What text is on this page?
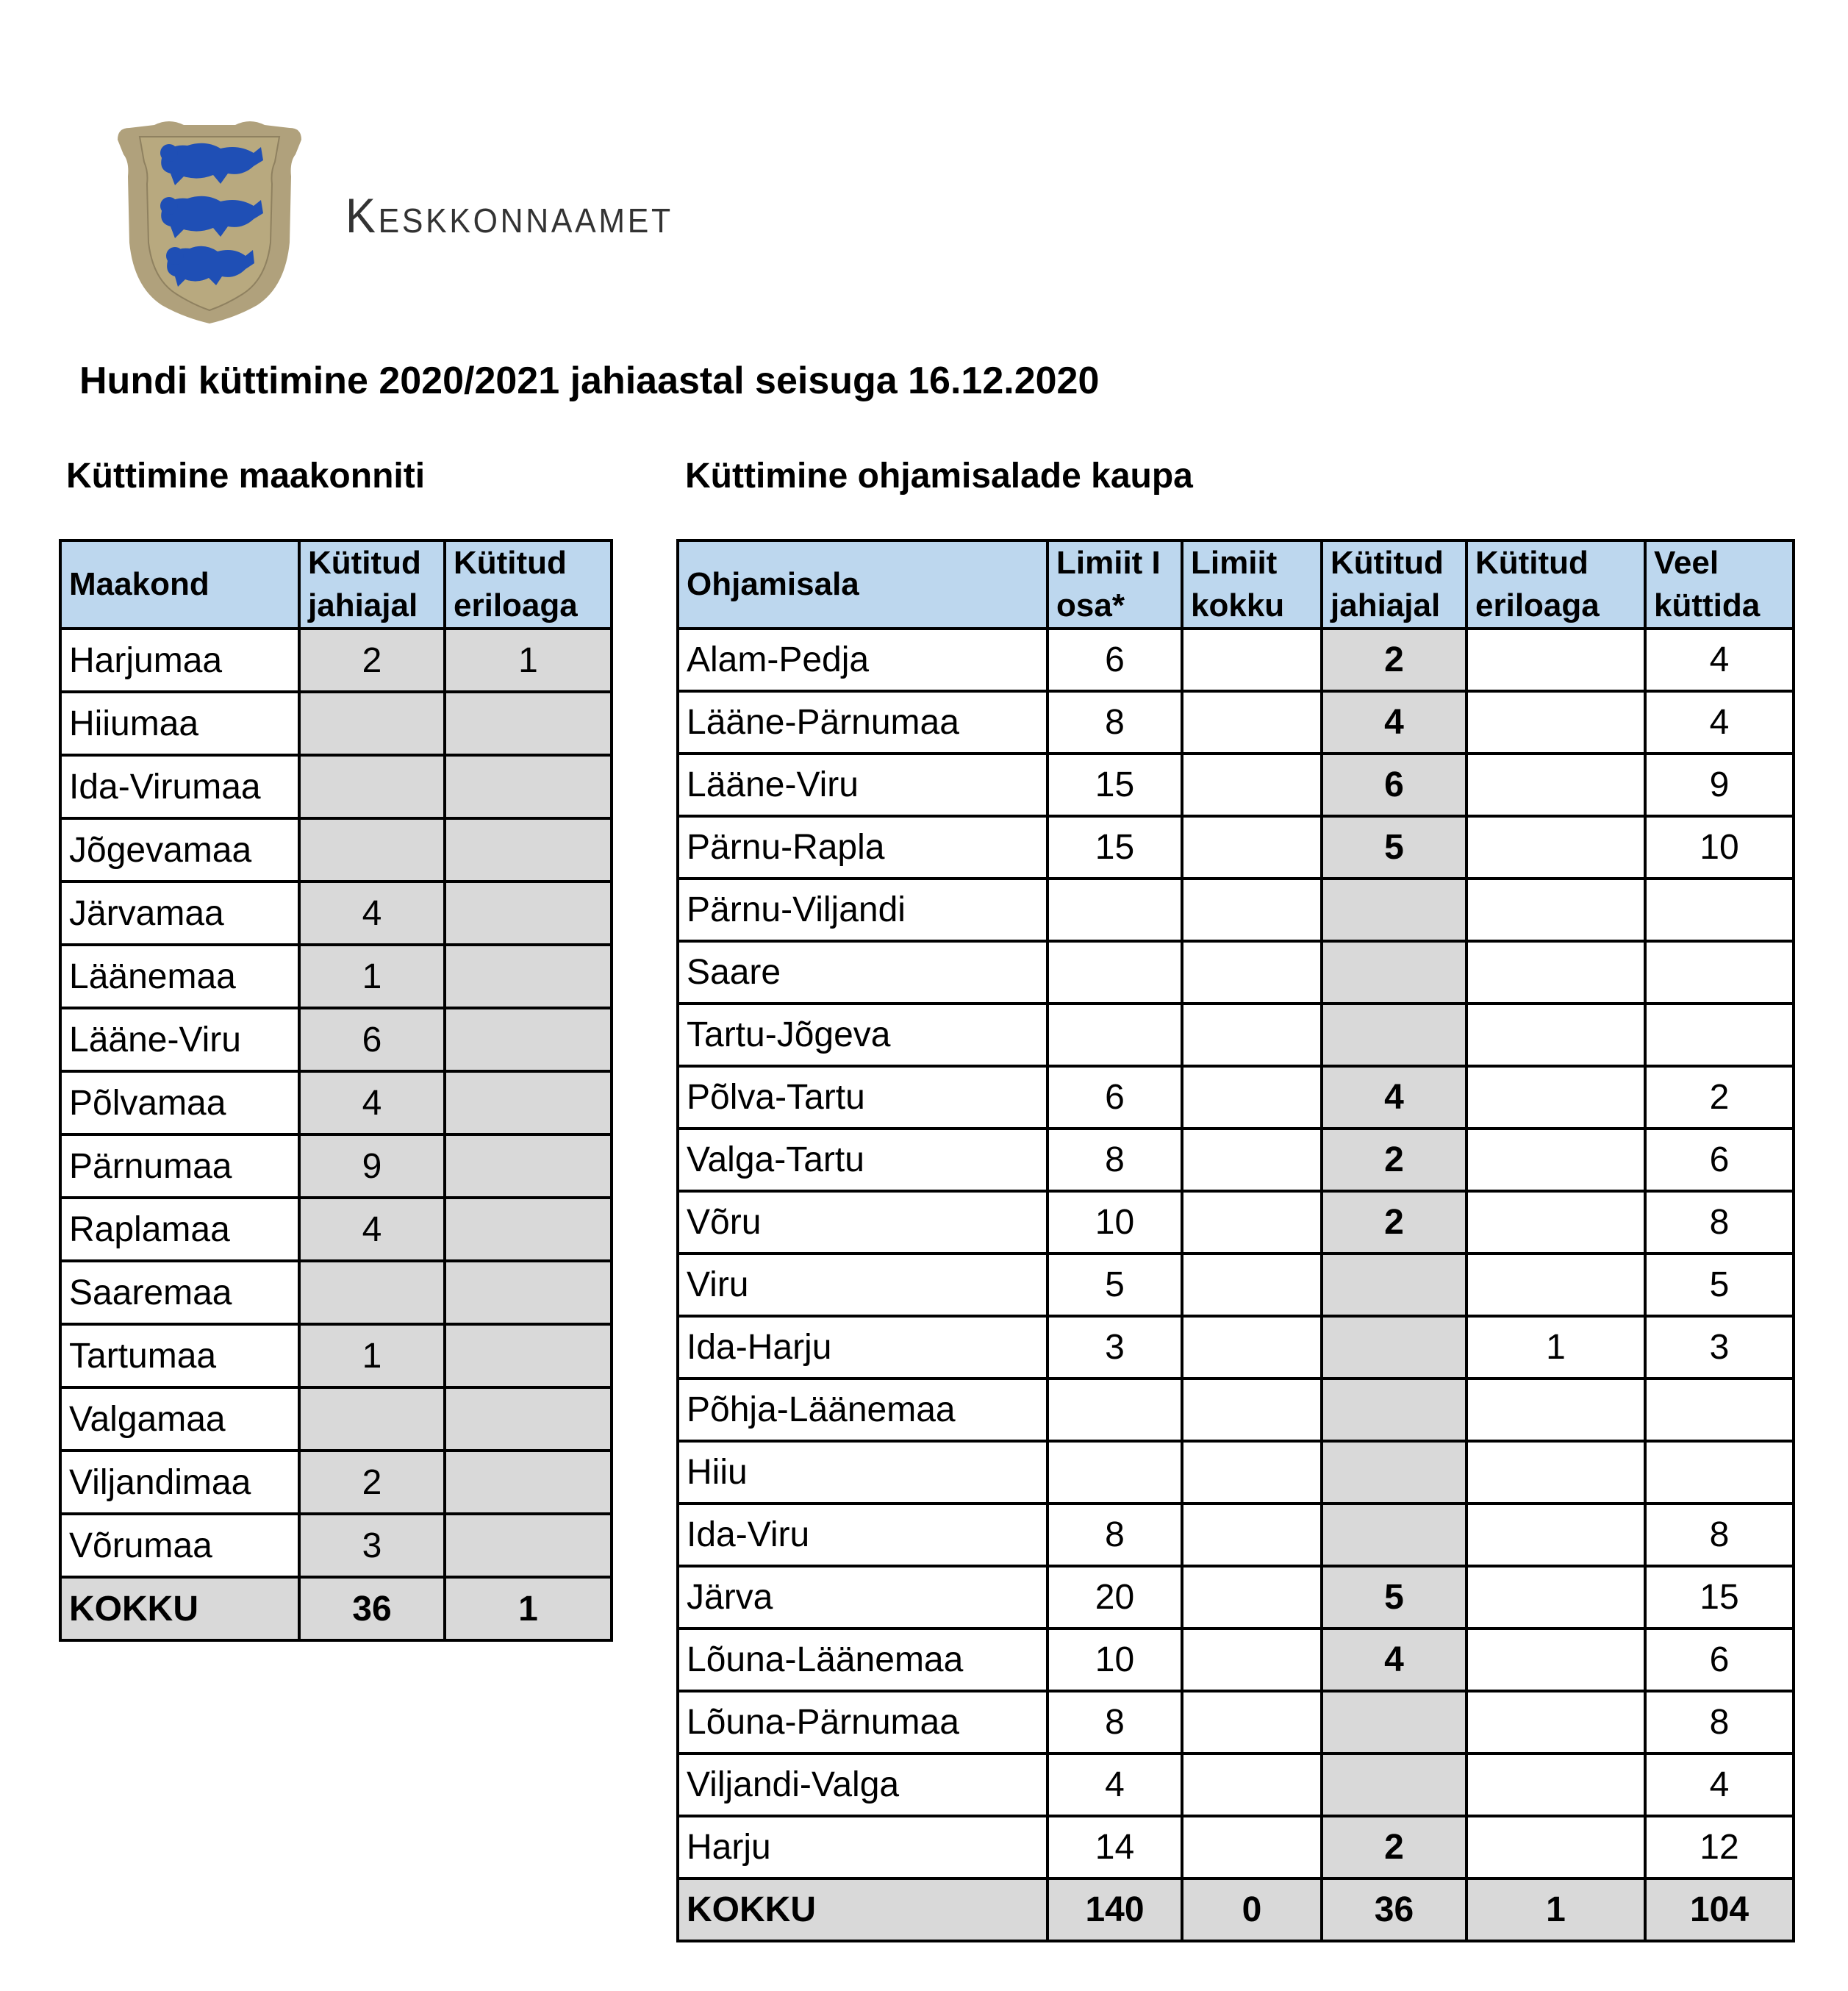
Keskkonnaamet
Hundi küttimine 2020/2021 jahiaastal seisuga 16.12.2020
Küttimine maakonniti	Küttimine ohjamisalade kaupa
Maakond	Kütitud jahiajal	Kütitud eriloaga
Harjumaa	2	1
Hiiumaa		
Ida-Virumaa		
Jõgevamaa		
Järvamaa	4	
Läänemaa	1	
Lääne-Viru	6	
Põlvamaa	4	
Pärnumaa	9	
Raplamaa	4	
Saaremaa		
Tartumaa	1	
Valgamaa		
Viljandimaa	2	
Võrumaa	3	
KOKKU	36	1
Ohjamisala	Limiit I osa*	Limiit kokku	Kütitud jahiajal	Kütitud eriloaga	Veel küttida
Alam-Pedja	6		2		4
Lääne-Pärnumaa	8		4		4
Lääne-Viru	15		6		9
Pärnu-Rapla	15		5		10
Pärnu-Viljandi					
Saare					
Tartu-Jõgeva					
Põlva-Tartu	6		4		2
Valga-Tartu	8		2		6
Võru	10		2		8
Viru	5				5
Ida-Harju	3			1	3
Põhja-Läänemaa					
Hiiu					
Ida-Viru	8				8
Järva	20		5		15
Lõuna-Läänemaa	10		4		6
Lõuna-Pärnumaa	8				8
Viljandi-Valga	4				4
Harju	14		2		12
KOKKU	140	0	36	1	104
